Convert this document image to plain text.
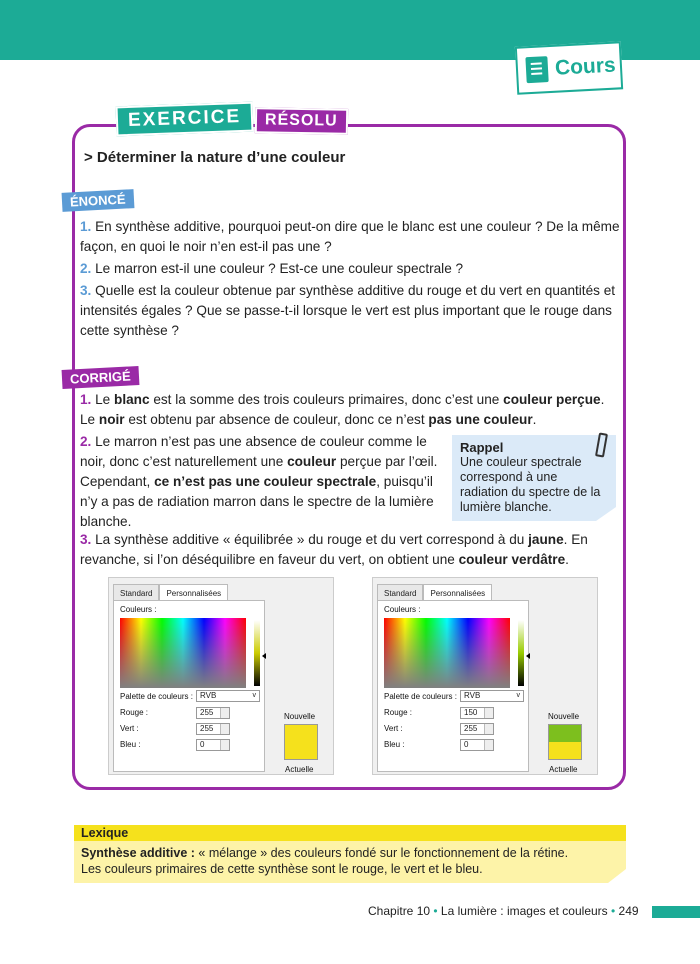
Cours
EXERCICE	RÉSOLU
> Déterminer la nature d’une couleur
ÉNONCÉ

1. En synthèse additive, pourquoi peut-on dire que le blanc est une couleur ? De la même façon, en quoi le noir n’en est-il pas une ?

2. Le marron est-il une couleur ? Est-ce une couleur spectrale ?

3. Quelle est la couleur obtenue par synthèse additive du rouge et du vert en quantités et intensités égales ? Que se passe-t-il lorsque le vert est plus important que le rouge dans cette synthèse ?

CORRIGÉ

1. Le blanc est la somme des trois couleurs primaires, donc c’est une couleur perçue. Le noir est obtenu par absence de couleur, donc ce n’est pas une couleur.

2. Le marron n’est pas une absence de couleur comme le noir, donc c’est naturellement une couleur perçue par l’œil. Cependant, ce n’est pas une couleur spectrale, puisqu’il n’y a pas de radiation marron dans le spectre de la lumière blanche.

3. La synthèse additive « équilibrée » du rouge et du vert correspond à du jaune. En revanche, si l’on déséquilibre en faveur du vert, on obtient une couleur verdâtre.

Rappel
Une couleur spectrale correspond à une radiation du spectre de la lumière blanche.
Standard	Personnalisées
Couleurs :
Palette de couleurs : RVB v
Rouge :	255
Vert :	255
Bleu :	0
Nouvelle
Actuelle
Standard	Personnalisées
Couleurs :
Palette de couleurs : RVB v
Rouge :	150
Vert :	255
Bleu :	0
Nouvelle
Actuelle
Lexique
Synthèse additive : « mélange » des couleurs fondé sur le fonctionnement de la rétine.
Les couleurs primaires de cette synthèse sont le rouge, le vert et le bleu.
Chapitre 10 • La lumière : images et couleurs • 249
